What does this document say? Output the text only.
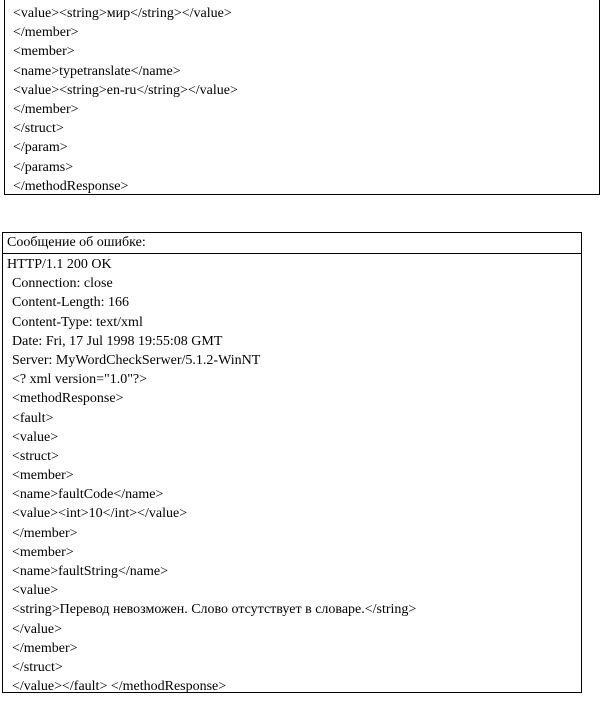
<value><string>мир</string></value>
</member>
<member>
<name>typetranslate</name>
<value><string>en-ru</string></value>
</member>
</struct>
</param>
</params>
</methodResponse>
Сообщение об ошибке:
HTTP/1.1 200 OK
Connection: close
Content-Length: 166
Content-Type: text/xml
Date: Fri, 17 Jul 1998 19:55:08 GMT
Server: MyWordCheckSerwer/5.1.2-WinNT
<? xml version="1.0"?>
<methodResponse>
<fault>
<value>
<struct>
<member>
<name>faultCode</name>
<value><int>10</int></value>
</member>
<member>
<name>faultString</name>
<value>
<string>Перевод невозможен. Слово отсутствует в словаре.</string>
</value>
</member>
</struct>
</value></fault> </methodResponse>
